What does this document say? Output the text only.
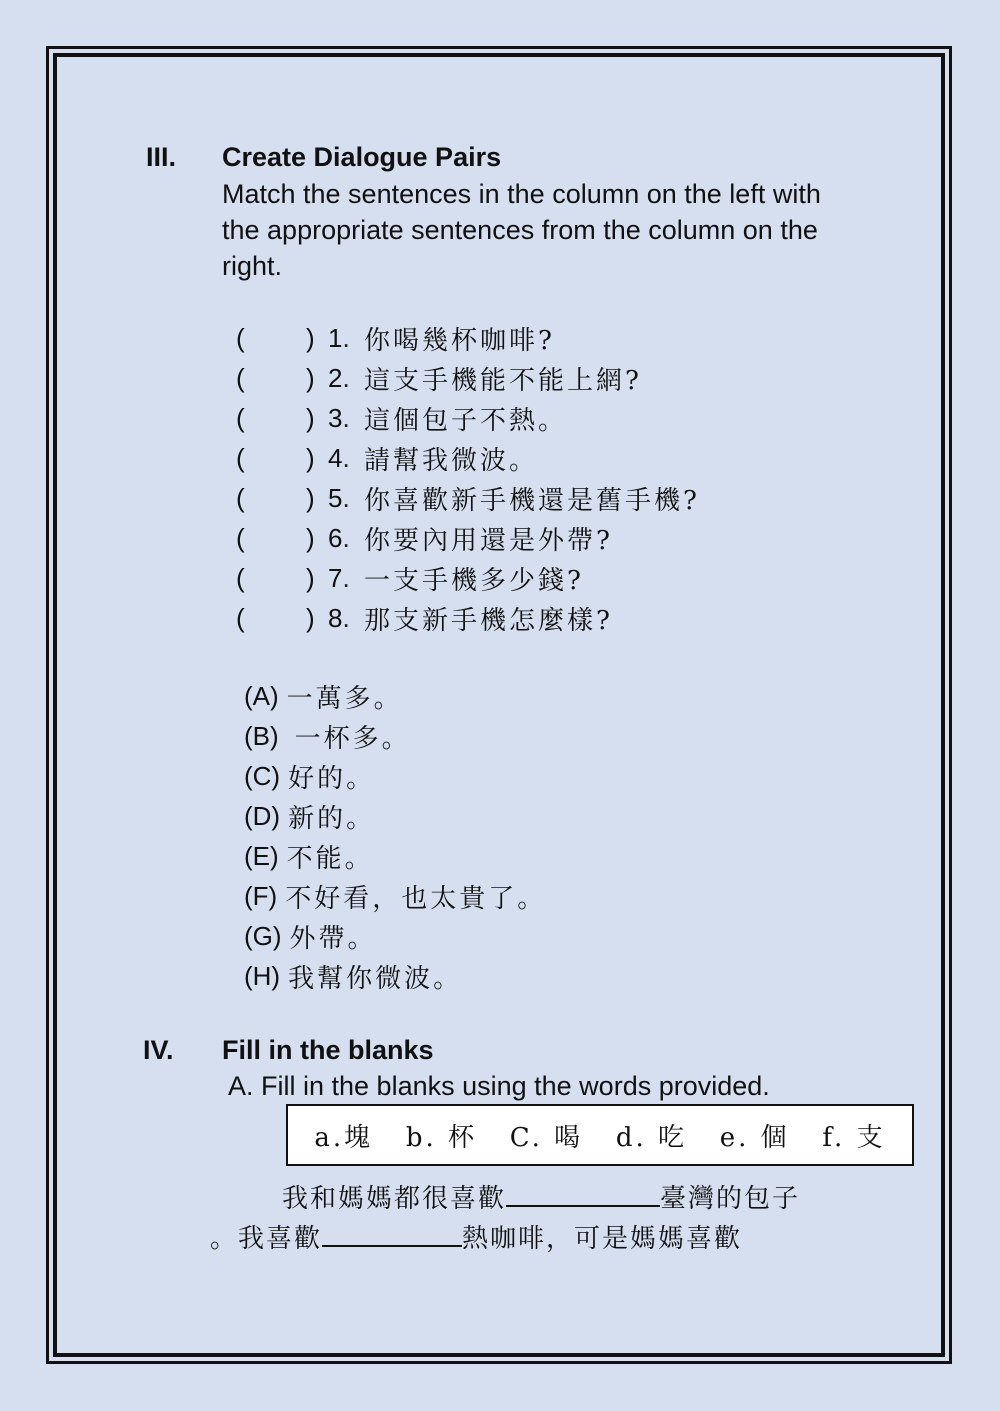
III. Create Dialogue Pairs
Match the sentences in the column on the left with the appropriate sentences from the column on the right.
(	) 1. 你喝幾杯咖啡?
(	) 2. 這支手機能不能上網?
(	) 3. 這個包子不熱。
(	) 4. 請幫我微波。
(	) 5. 你喜歡新手機還是舊手機?
(	) 6. 你要內用還是外帶?
(	) 7. 一支手機多少錢?
(	) 8. 那支新手機怎麼樣?
(A) 一萬多。
(B) 一杯多。
(C) 好的。
(D) 新的。
(E) 不能。
(F) 不好看，也太貴了。
(G) 外帶。
(H) 我幫你微波。
IV. Fill in the blanks
A. Fill in the blanks using the words provided.
a.塊 b. 杯 C. 喝 d. 吃 e. 個 f. 支
我和媽媽都很喜歡	臺灣的包子
。我喜歡	熱咖啡，可是媽媽喜歡
